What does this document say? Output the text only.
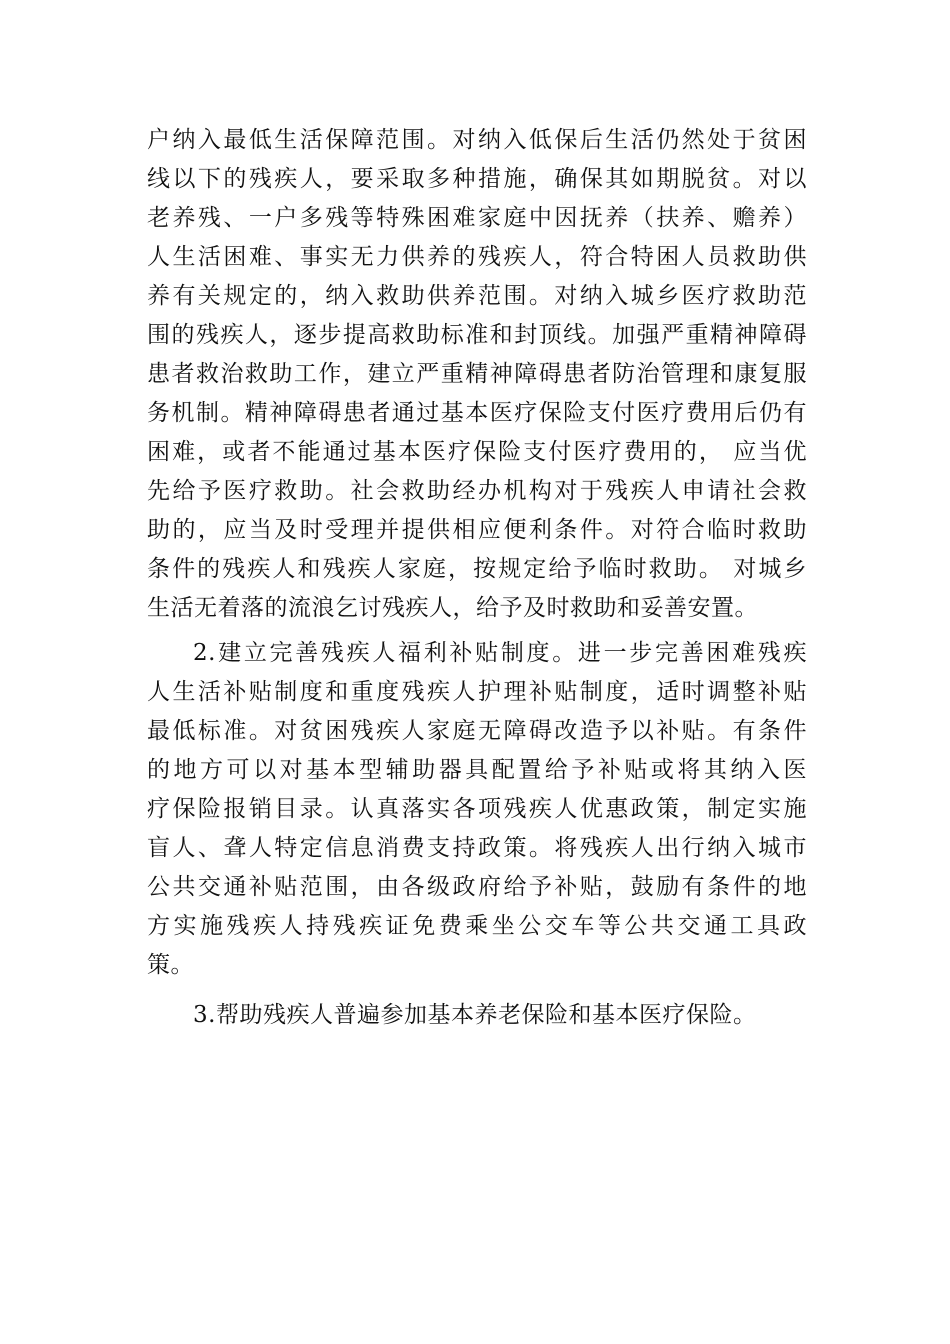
户纳入最低生活保障范围。对纳入低保后生活仍然处于贫困
线以下的残疾人，要采取多种措施，确保其如期脱贫。对以
老养残、一户多残等特殊困难家庭中因抚养（扶养、赡养）
人生活困难、事实无力供养的残疾人，符合特困人员救助供
养有关规定的，纳入救助供养范围。对纳入城乡医疗救助范
围的残疾人，逐步提高救助标准和封顶线。加强严重精神障碍
患者救治救助工作，建立严重精神障碍患者防治管理和康复服
务机制。精神障碍患者通过基本医疗保险支付医疗费用后仍有
困难，或者不能通过基本医疗保险支付医疗费用的， 应当优
先给予医疗救助。社会救助经办机构对于残疾人申请社会救
助的，应当及时受理并提供相应便利条件。对符合临时救助
条件的残疾人和残疾人家庭，按规定给予临时救助。 对城乡
生活无着落的流浪乞讨残疾人，给予及时救助和妥善安置。
2.建立完善残疾人福利补贴制度。进一步完善困难残疾
人生活补贴制度和重度残疾人护理补贴制度，适时调整补贴
最低标准。对贫困残疾人家庭无障碍改造予以补贴。有条件
的地方可以对基本型辅助器具配置给予补贴或将其纳入医
疗保险报销目录。认真落实各项残疾人优惠政策，制定实施
盲人、聋人特定信息消费支持政策。将残疾人出行纳入城市
公共交通补贴范围，由各级政府给予补贴，鼓励有条件的地
方实施残疾人持残疾证免费乘坐公交车等公共交通工具政
策。
3.帮助残疾人普遍参加基本养老保险和基本医疗保险。
